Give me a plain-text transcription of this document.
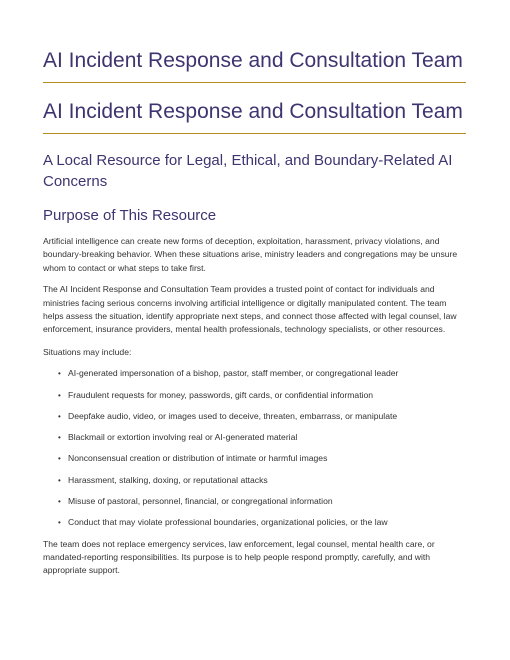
AI Incident Response and Consultation Team
AI Incident Response and Consultation Team
A Local Resource for Legal, Ethical, and Boundary-Related AI Concerns
Purpose of This Resource

Artificial intelligence can create new forms of deception, exploitation, harassment, privacy violations, and boundary-breaking behavior. When these situations arise, ministry leaders and congregations may be unsure whom to contact or what steps to take first.

The AI Incident Response and Consultation Team provides a trusted point of contact for individuals and ministries facing serious concerns involving artificial intelligence or digitally manipulated content. The team helps assess the situation, identify appropriate next steps, and connect those affected with legal counsel, law enforcement, insurance providers, mental health professionals, technology specialists, or other resources.

Situations may include:

• AI-generated impersonation of a bishop, pastor, staff member, or congregational leader
• Fraudulent requests for money, passwords, gift cards, or confidential information
• Deepfake audio, video, or images used to deceive, threaten, embarrass, or manipulate
• Blackmail or extortion involving real or AI-generated material
• Nonconsensual creation or distribution of intimate or harmful images
• Harassment, stalking, doxing, or reputational attacks
• Misuse of pastoral, personnel, financial, or congregational information
• Conduct that may violate professional boundaries, organizational policies, or the law

The team does not replace emergency services, law enforcement, legal counsel, mental health care, or mandated-reporting responsibilities. Its purpose is to help people respond promptly, carefully, and with appropriate support.
